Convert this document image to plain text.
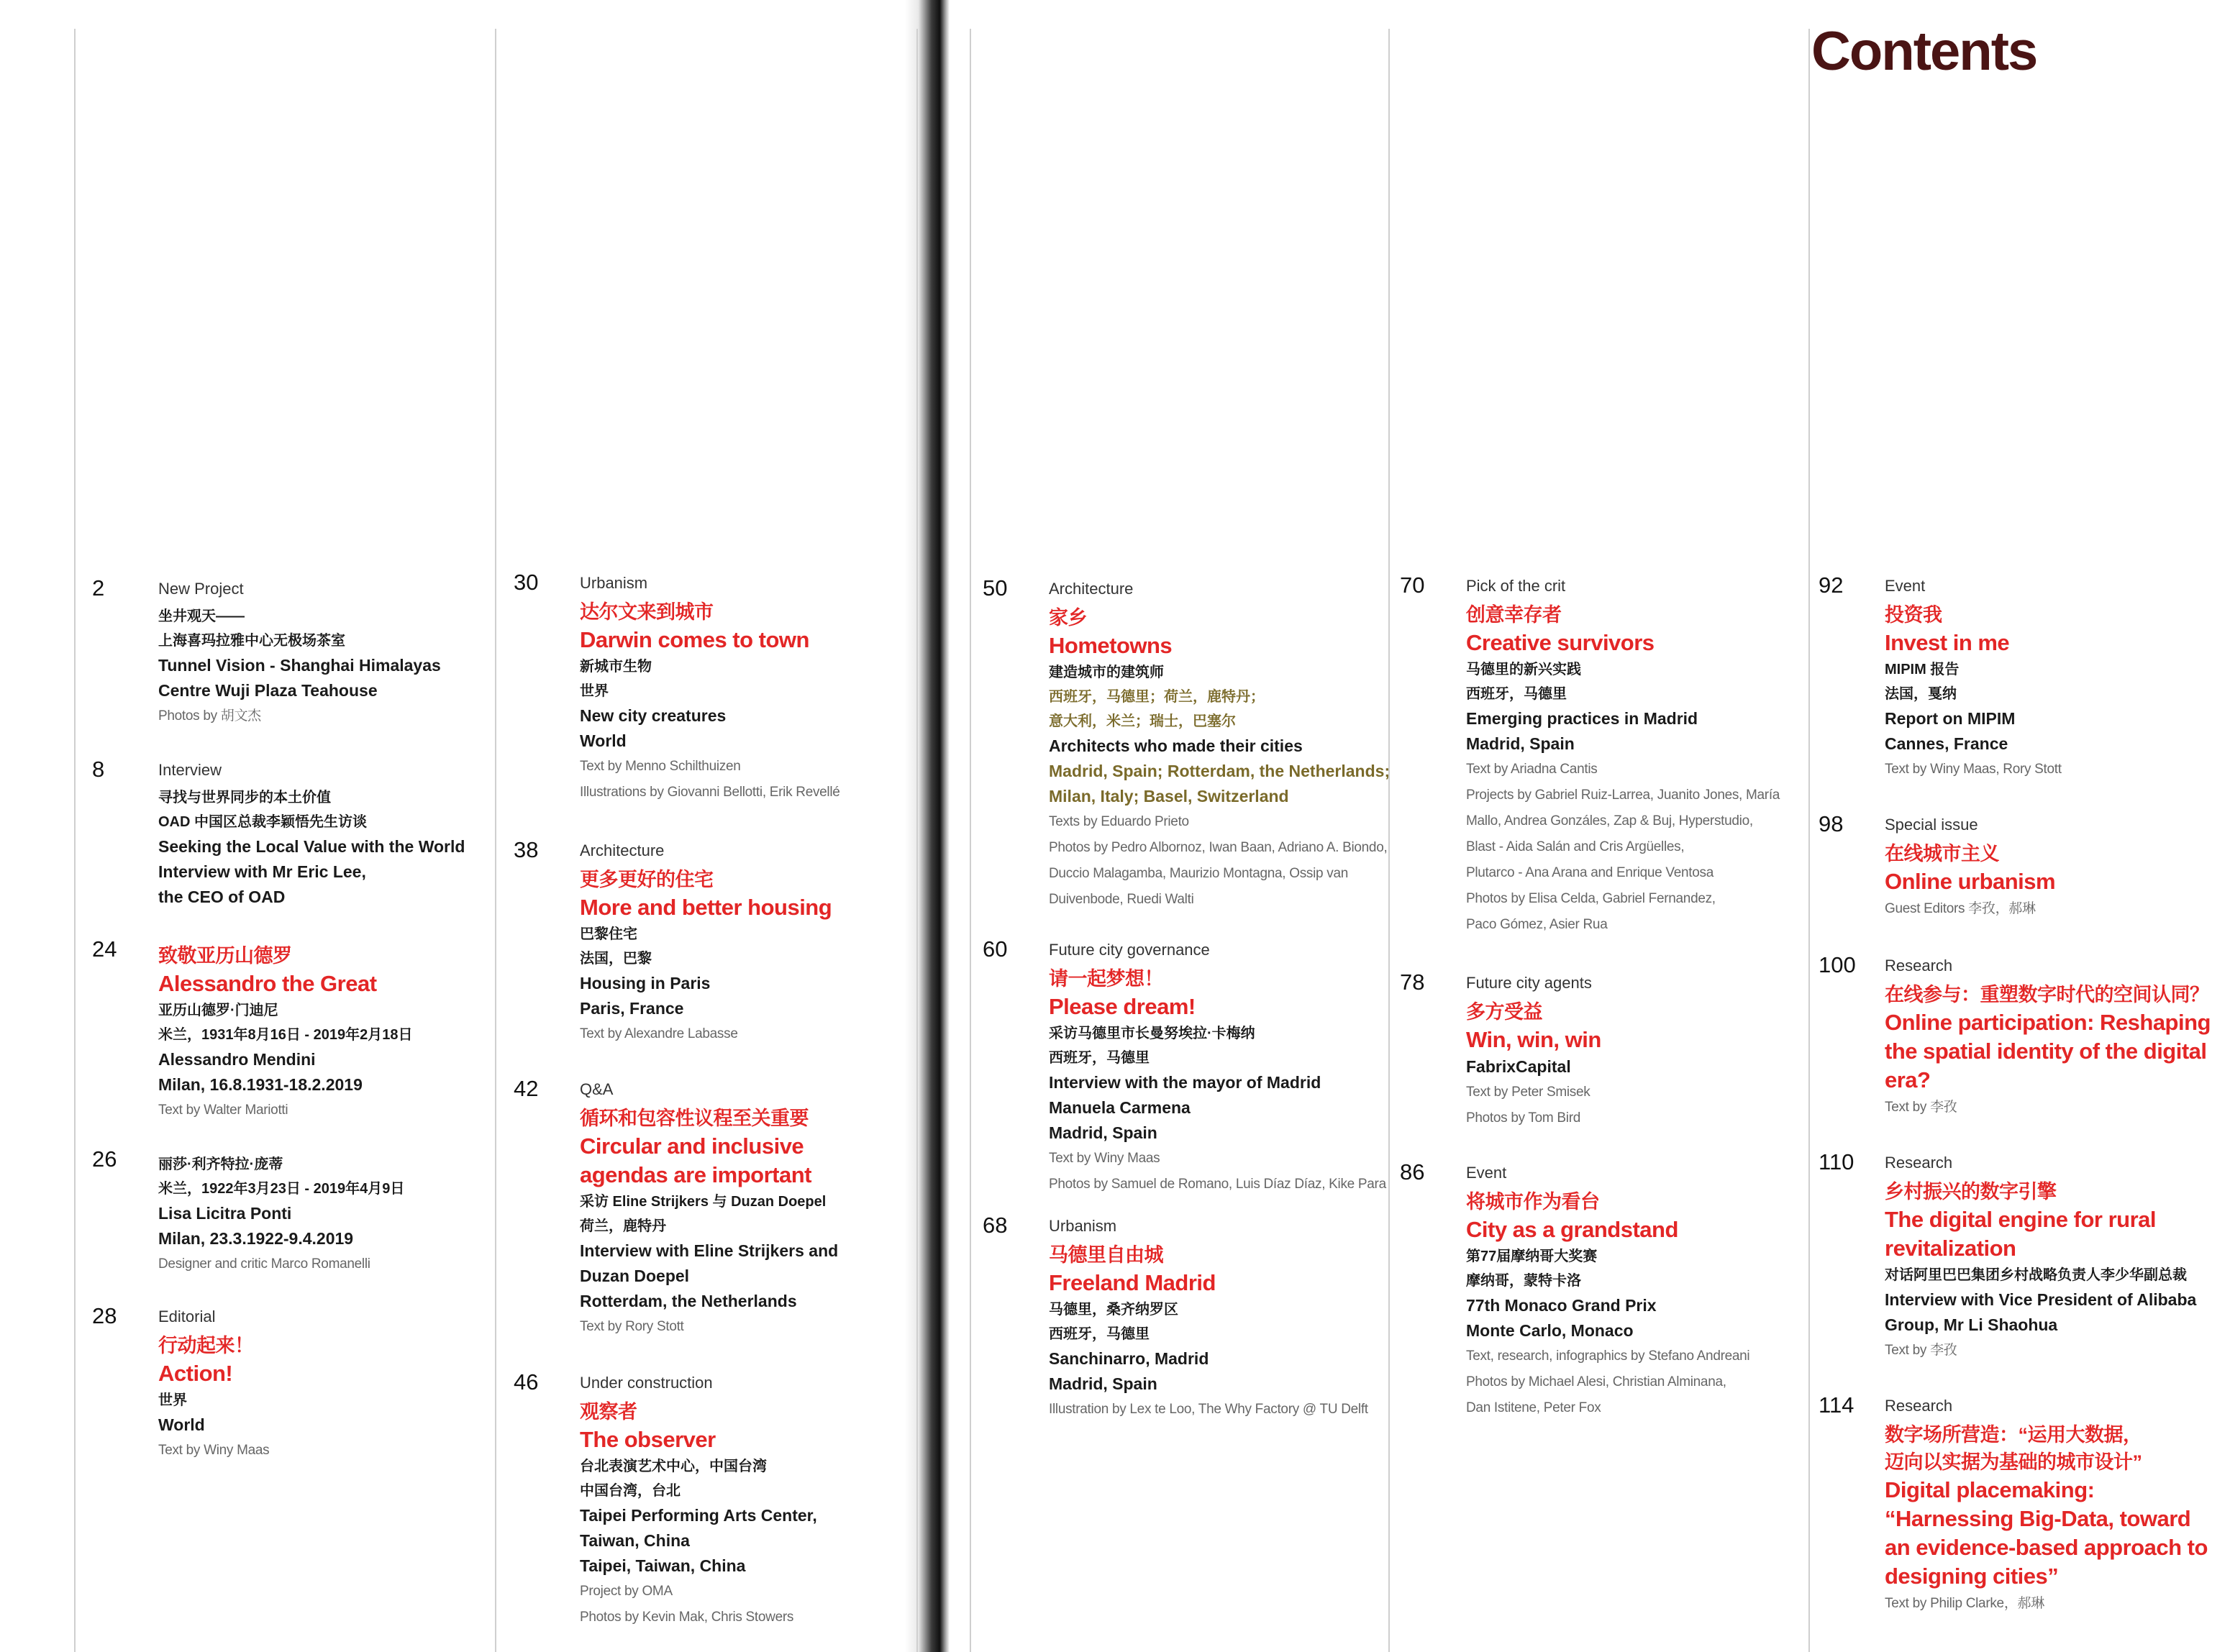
Contents
2	New Project
坐井观天——
上海喜玛拉雅中心无极场茶室
Tunnel Vision - Shanghai Himalayas
Centre Wuji Plaza Teahouse
Photos by 胡文杰
8	Interview
寻找与世界同步的本土价值
OAD 中国区总裁李颖悟先生访谈
Seeking the Local Value with the World
Interview with Mr Eric Lee,
the CEO of OAD
24 致敬亚历山德罗
Alessandro the Great
亚历山德罗·门迪尼
米兰，1931年8月16日 - 2019年2月18日
Alessandro Mendini
Milan, 16.8.1931-18.2.2019
Text by Walter Mariotti
26	丽莎·利齐特拉·庞蒂
米兰，1922年3月23日 - 2019年4月9日
Lisa Licitra Ponti
Milan, 23.3.1922-9.4.2019
Designer and critic Marco Romanelli
28	Editorial
行动起来！
Action!
世界
World
Text by Winy Maas
30	Urbanism
达尔文来到城市
Darwin comes to town
新城市生物
世界
New city creatures
World
Text by Menno Schilthuizen
Illustrations by Giovanni Bellotti, Erik Revellé
38	Architecture
更多更好的住宅
More and better housing
巴黎住宅
法国，巴黎
Housing in Paris
Paris, France
Text by Alexandre Labasse
42	Q&A
循环和包容性议程至关重要
Circular and inclusive
agendas are important
采访 Eline Strijkers 与 Duzan Doepel
荷兰，鹿特丹
Interview with Eline Strijkers and
Duzan Doepel
Rotterdam, the Netherlands
Text by Rory Stott
46	Under construction
观察者
The observer
台北表演艺术中心，中国台湾
中国台湾，台北
Taipei Performing Arts Center,
Taiwan, China
Taipei, Taiwan, China
Project by OMA
Photos by Kevin Mak, Chris Stowers
50	Architecture
家乡
Hometowns
建造城市的建筑师
西班牙，马德里；荷兰，鹿特丹；
意大利，米兰；瑞士，巴塞尔
Architects who made their cities
Madrid, Spain; Rotterdam, the Netherlands;
Milan, Italy; Basel, Switzerland
Texts by Eduardo Prieto
Photos by Pedro Albornoz, Iwan Baan, Adriano A. Biondo,
Duccio Malagamba, Maurizio Montagna, Ossip van
Duivenbode, Ruedi Walti
60	Future city governance
请一起梦想！
Please dream!
采访马德里市长曼努埃拉·卡梅纳
西班牙，马德里
Interview with the mayor of Madrid
Manuela Carmena
Madrid, Spain
Text by Winy Maas
Photos by Samuel de Romano, Luis Díaz Díaz, Kike Para
68	Urbanism
马德里自由城
Freeland Madrid
马德里，桑齐纳罗区
西班牙，马德里
Sanchinarro, Madrid
Madrid, Spain
Illustration by Lex te Loo, The Why Factory @ TU Delft
70	Pick of the crit
创意幸存者
Creative survivors
马德里的新兴实践
西班牙，马德里
Emerging practices in Madrid
Madrid, Spain
Text by Ariadna Cantis
Projects by Gabriel Ruiz-Larrea, Juanito Jones, María
Mallo, Andrea Gonzáles, Zap & Buj, Hyperstudio,
Blast - Aida Salán and Cris Argüelles,
Plutarco - Ana Arana and Enrique Ventosa
Photos by Elisa Celda, Gabriel Fernandez,
Paco Gómez, Asier Rua
78	Future city agents
多方受益
Win, win, win
FabrixCapital
Text by Peter Smisek
Photos by Tom Bird
86	Event
将城市作为看台
City as a grandstand
第77届摩纳哥大奖赛
摩纳哥，蒙特卡洛
77th Monaco Grand Prix
Monte Carlo, Monaco
Text, research, infographics by Stefano Andreani
Photos by Michael Alesi, Christian Alminana,
Dan Istitene, Peter Fox
92	Event
投资我
Invest in me
MIPIM 报告
法国，戛纳
Report on MIPIM
Cannes, France
Text by Winy Maas, Rory Stott
98	Special issue
在线城市主义
Online urbanism
Guest Editors 李孜，郝琳
100 Research
在线参与：重塑数字时代的空间认同？
Online participation: Reshaping
the spatial identity of the digital
era?
Text by 李孜
110 Research
乡村振兴的数字引擎
The digital engine for rural
revitalization
对话阿里巴巴集团乡村战略负责人李少华副总裁
Interview with Vice President of Alibaba
Group, Mr Li Shaohua
Text by 李孜
114 Research
数字场所营造：“运用大数据，
迈向以实据为基础的城市设计”
Digital placemaking:
“Harnessing Big-Data, toward
an evidence-based approach to
designing cities”
Text by Philip Clarke，郝琳
